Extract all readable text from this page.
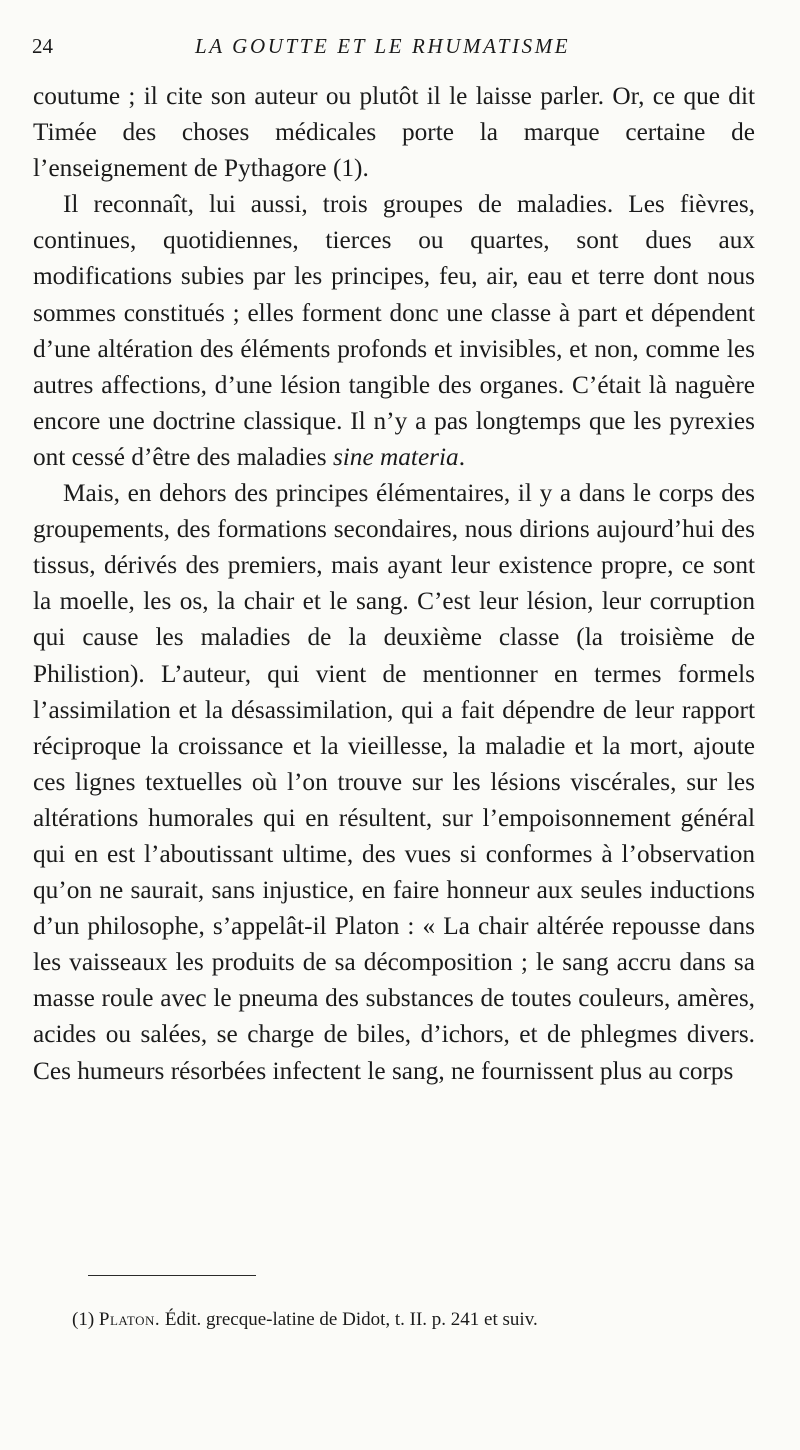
24	LA GOUTTE ET LE RHUMATISME

coutume ; il cite son auteur ou plutôt il le laisse parler. Or, ce que dit Timée des choses médicales porte la marque certaine de l’enseignement de Pythagore (1).

Il reconnaît, lui aussi, trois groupes de maladies. Les fièvres, continues, quotidiennes, tierces ou quartes, sont dues aux modifications subies par les principes, feu, air, eau et terre dont nous sommes constitués ; elles forment donc une classe à part et dépendent d’une altération des éléments profonds et invisibles, et non, comme les autres affections, d’une lésion tangible des organes. C’était là naguère encore une doctrine classique. Il n’y a pas longtemps que les pyrexies ont cessé d’être des maladies sine materia.

Mais, en dehors des principes élémentaires, il y a dans le corps des groupements, des formations secondaires, nous dirions aujourd’hui des tissus, dérivés des premiers, mais ayant leur existence propre, ce sont la moelle, les os, la chair et le sang. C’est leur lésion, leur corruption qui cause les maladies de la deuxième classe (la troisième de Philistion). L’auteur, qui vient de mentionner en termes formels l’assimilation et la désassimilation, qui a fait dépendre de leur rapport réciproque la croissance et la vieillesse, la maladie et la mort, ajoute ces lignes textuelles où l’on trouve sur les lésions viscérales, sur les altérations humorales qui en résultent, sur l’empoisonnement général qui en est l’aboutissant ultime, des vues si conformes à l’observation qu’on ne saurait, sans injustice, en faire honneur aux seules inductions d’un philosophe, s’appelât-il Platon : « La chair altérée repousse dans les vaisseaux les produits de sa décomposition ; le sang accru dans sa masse roule avec le pneuma des substances de toutes couleurs, amères, acides ou salées, se charge de biles, d’ichors, et de phlegmes divers. Ces humeurs résorbées infectent le sang, ne fournissent plus au corps

(1) Platon. Édit. grecque-latine de Didot, t. II. p. 241 et suiv.
